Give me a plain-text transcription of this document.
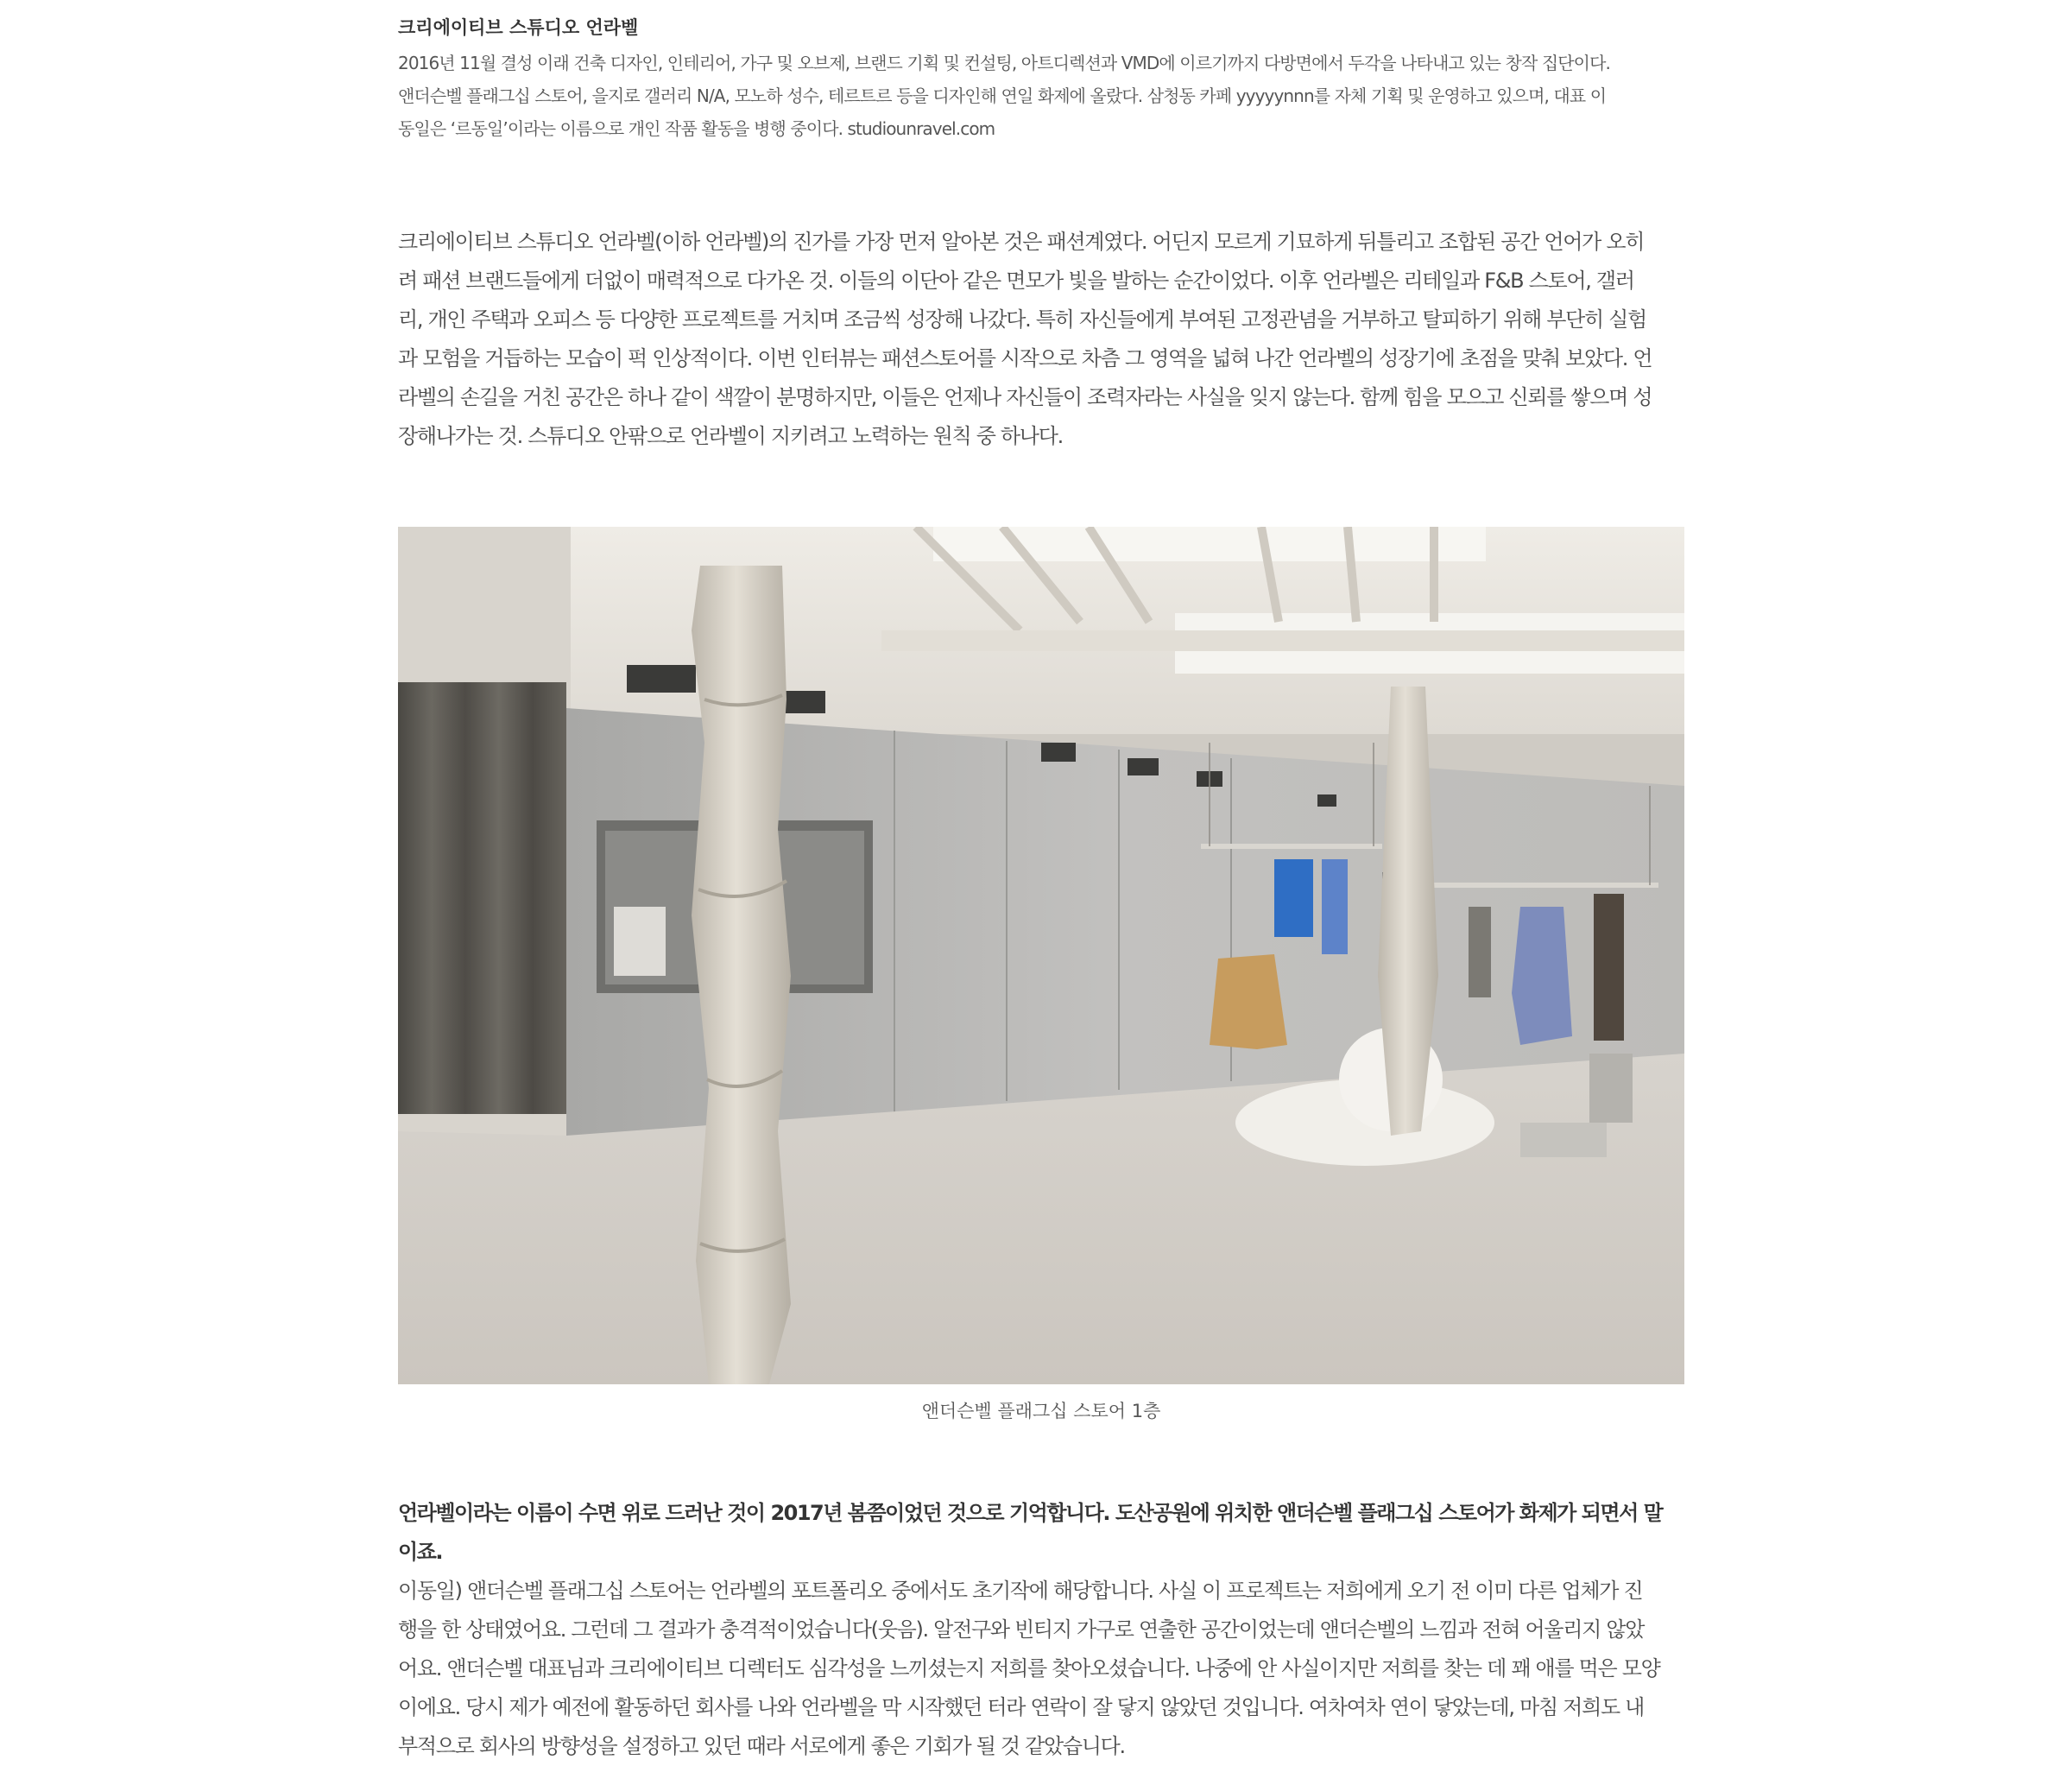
크리에이티브 스튜디오 언라벨
2016년 11월 결성 이래 건축 디자인, 인테리어, 가구 및 오브제, 브랜드 기획 및 컨설팅, 아트디렉션과 VMD에 이르기까지 다방면에서 두각을 나타내고 있는 창작 집단이다.
앤더슨벨 플래그십 스토어, 을지로 갤러리 N/A, 모노하 성수, 테르트르 등을 디자인해 연일 화제에 올랐다. 삼청동 카페 yyyyynnn를 자체 기획 및 운영하고 있으며, 대표 이
동일은 ‘르동일’이라는 이름으로 개인 작품 활동을 병행 중이다. studiounravel.com
크리에이티브 스튜디오 언라벨(이하 언라벨)의 진가를 가장 먼저 알아본 것은 패션계였다. 어딘지 모르게 기묘하게 뒤틀리고 조합된 공간 언어가 오히
려 패션 브랜드들에게 더없이 매력적으로 다가온 것. 이들의 이단아 같은 면모가 빛을 발하는 순간이었다. 이후 언라벨은 리테일과 F&B 스토어, 갤러
리, 개인 주택과 오피스 등 다양한 프로젝트를 거치며 조금씩 성장해 나갔다. 특히 자신들에게 부여된 고정관념을 거부하고 탈피하기 위해 부단히 실험
과 모험을 거듭하는 모습이 퍽 인상적이다. 이번 인터뷰는 패션스토어를 시작으로 차츰 그 영역을 넓혀 나간 언라벨의 성장기에 초점을 맞춰 보았다. 언
라벨의 손길을 거친 공간은 하나 같이 색깔이 분명하지만, 이들은 언제나 자신들이 조력자라는 사실을 잊지 않는다. 함께 힘을 모으고 신뢰를 쌓으며 성
장해나가는 것. 스튜디오 안팎으로 언라벨이 지키려고 노력하는 원칙 중 하나다.
앤더슨벨 플래그십 스토어 1층
언라벨이라는 이름이 수면 위로 드러난 것이 2017년 봄쯤이었던 것으로 기억합니다. 도산공원에 위치한 앤더슨벨 플래그십 스토어가 화제가 되면서 말
이죠.
이동일) 앤더슨벨 플래그십 스토어는 언라벨의 포트폴리오 중에서도 초기작에 해당합니다. 사실 이 프로젝트는 저희에게 오기 전 이미 다른 업체가 진
행을 한 상태였어요. 그런데 그 결과가 충격적이었습니다(웃음). 알전구와 빈티지 가구로 연출한 공간이었는데 앤더슨벨의 느낌과 전혀 어울리지 않았
어요. 앤더슨벨 대표님과 크리에이티브 디렉터도 심각성을 느끼셨는지 저희를 찾아오셨습니다. 나중에 안 사실이지만 저희를 찾는 데 꽤 애를 먹은 모양
이에요. 당시 제가 예전에 활동하던 회사를 나와 언라벨을 막 시작했던 터라 연락이 잘 닿지 않았던 것입니다. 여차여차 연이 닿았는데, 마침 저희도 내
부적으로 회사의 방향성을 설정하고 있던 때라 서로에게 좋은 기회가 될 것 같았습니다.
